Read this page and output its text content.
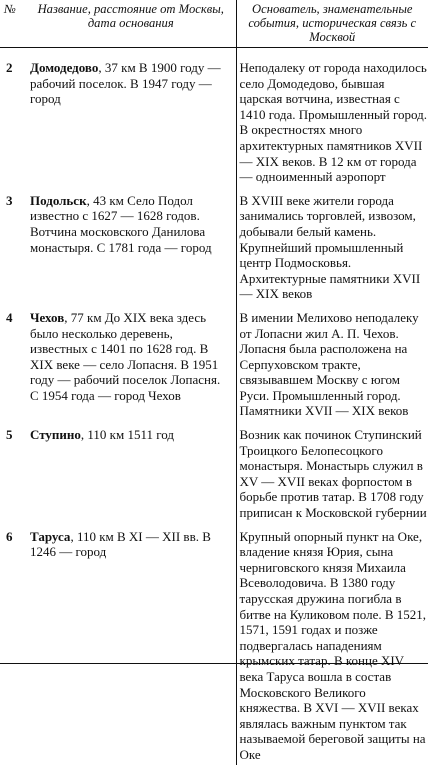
№	Название, расстояние от Москвы, дата основания	Основатель, знаменательные события, историческая связь с Москвой
2	Домодедово, 37 км В 1900 году — рабочий поселок. В 1947 году — город	Неподалеку от города находилось село Домодедово, бывшая царская вотчина, известная с 1410 года. Промышленный город. В окрестностях много архитектурных памятников XVII — XIX веков. В 12 км от города — одноименный аэропорт
3	Подольск, 43 км Село Подол известно с 1627 — 1628 годов. Вотчина московского Данилова монастыря. С 1781 года — город	В XVIII веке жители города занимались торговлей, извозом, добывали белый камень. Крупнейший промышленный центр Подмосковья. Архитектурные памятники XVII — XIX веков
4	Чехов, 77 км До XIX века здесь было несколько деревень, известных с 1401 по 1628 год. В XIX веке — село Лопасня. В 1951 году — рабочий поселок Лопасня. С 1954 года — город Чехов	В имении Мелихово неподалеку от Лопасни жил А. П. Чехов. Лопасня была расположена на Серпуховском тракте, связывавшем Москву с югом Руси. Промышленный город. Памятники XVII — XIX веков
5	Ступино, 110 км 1511 год	Возник как починок Ступинский Троицкого Белопесоцкого монастыря. Монастырь служил в XV — XVII веках форпостом в борьбе против татар. В 1708 году приписан к Московской губернии
6	Таруса, 110 км В XI — XII вв. В 1246 — город	Крупный опорный пункт на Оке, владение князя Юрия, сына черниговского князя Михаила Всеволодовича. В 1380 году тарусская дружина погибла в битве на Куликовом поле. В 1521, 1571, 1591 годах и позже подвергалась нападениям крымских татар. В конце XIV века Таруса вошла в состав Московского Великого княжества. В XVI — XVII веках являлась важным пунктом так называемой береговой защиты на Оке
